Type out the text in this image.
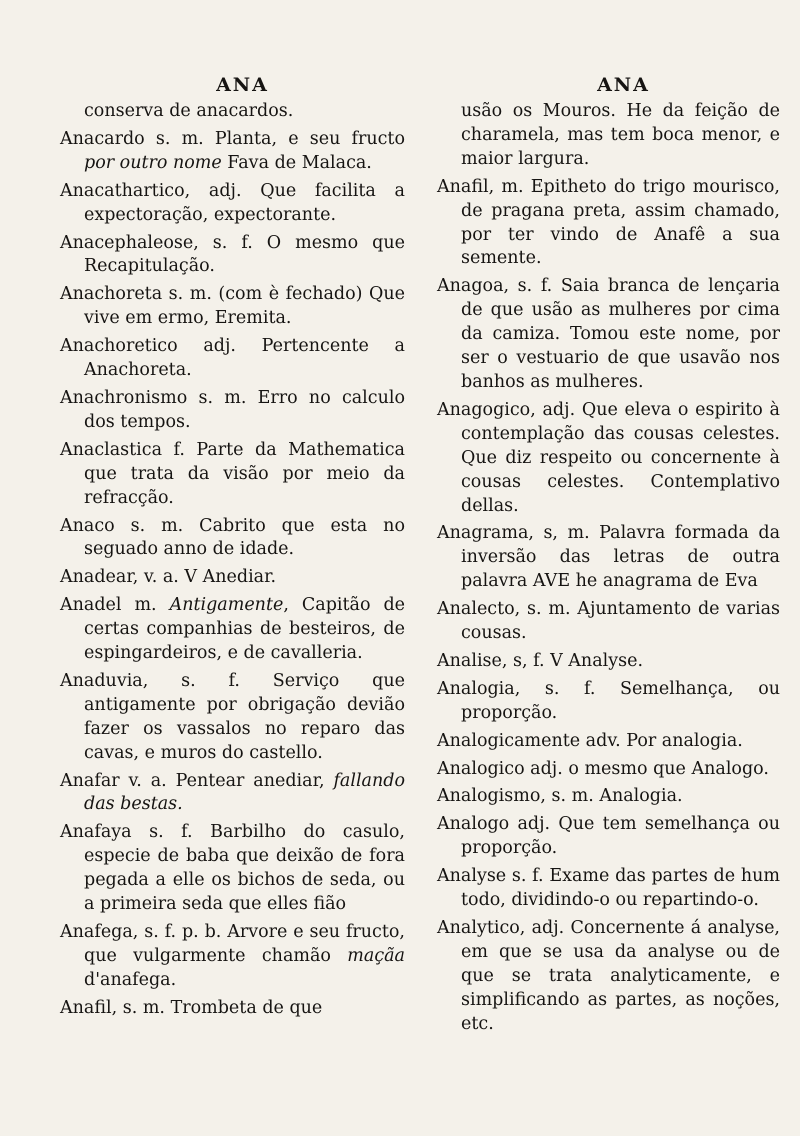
ANA

conserva de anacardos.

Anacardo s. m. Planta, e seu fructo por outro nome Fava de Malaca.

Anacathartico, adj. Que facilita a expectoração, expectorante.

Anacephaleose, s. f. O mesmo que Recapitulação.

Anachoreta s. m. (com è fechado) Que vive em ermo, Eremita.

Anachoretico adj. Pertencente a Anachoreta.

Anachronismo s. m. Erro no calculo dos tempos.

Anaclastica f. Parte da Mathematica que trata da visão por meio da refracção.

Anaco s. m. Cabrito que esta no seguado anno de idade.

Anadear, v. a. V Anediar.

Anadel m. Antigamente, Capitão de certas companhias de besteiros, de espingardeiros, e de cavalleria.

Anaduvia, s. f. Serviço que antigamente por obrigação devião fazer os vassalos no reparo das cavas, e muros do castello.

Anafar v. a. Pentear anediar, fallando das bestas.

Anafaya s. f. Barbilho do casulo, especie de baba que deixão de fora pegada a elle os bichos de seda, ou a primeira seda que elles fião

Anafega, s. f. p. b. Arvore e seu fructo, que vulgarmente chamão maçãa d'anafega.

Anafil, s. m. Trombeta de que

ANA

usão os Mouros. He da feição de charamela, mas tem boca menor, e maior largura.

Anafil, m. Epitheto do trigo mourisco, de pragana preta, assim chamado, por ter vindo de Anafê a sua semente.

Anagoa, s. f. Saia branca de lençaria de que usão as mulheres por cima da camiza. Tomou este nome, por ser o vestuario de que usavão nos banhos as mulheres.

Anagogico, adj. Que eleva o espirito à contemplação das cousas celestes. Que diz respeito ou concernente à cousas celestes. Contemplativo dellas.

Anagrama, s, m. Palavra formada da inversão das letras de outra palavra AVE he anagrama de Eva

Analecto, s. m. Ajuntamento de varias cousas.

Analise, s, f. V Analyse.

Analogia, s. f. Semelhança, ou proporção.

Analogicamente adv. Por analogia.

Analogico adj. o mesmo que Analogo.

Analogismo, s. m. Analogia.

Analogo adj. Que tem semelhança ou proporção.

Analyse s. f. Exame das partes de hum todo, dividindo-o ou repartindo-o.

Analytico, adj. Concernente á analyse, em que se usa da analyse ou de que se trata analyticamente, e simplificando as partes, as noções, etc.
